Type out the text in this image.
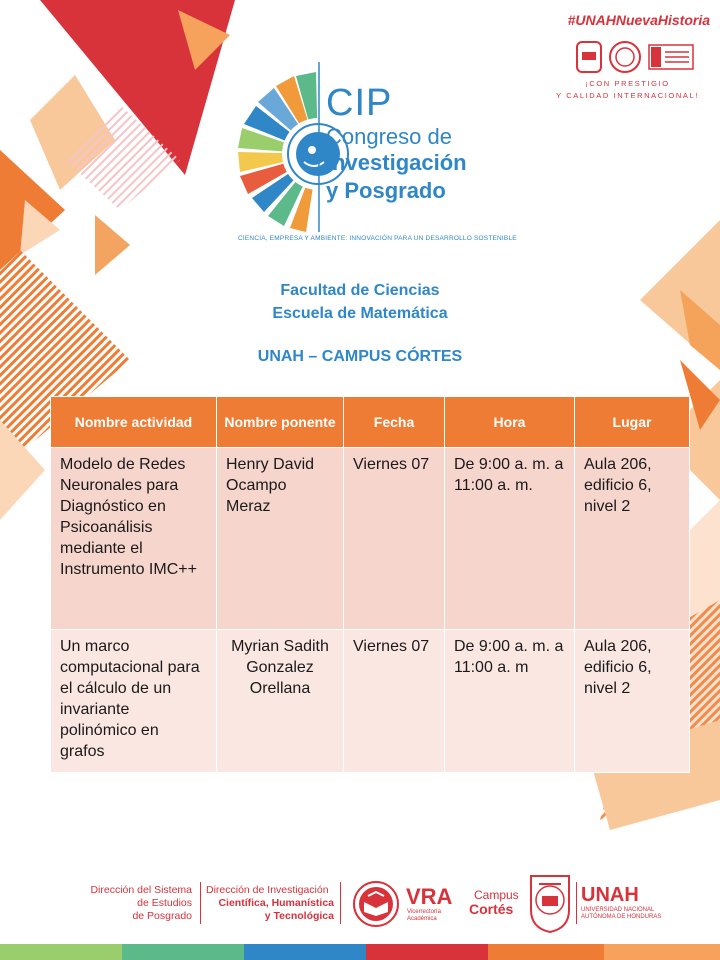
#UNAHNuevaHistoria
¡CON PRESTIGIO
Y CALIDAD INTERNACIONAL!
CIP
Congreso de
Investigación
y Posgrado
CIENCIA, EMPRESA Y AMBIENTE: INNOVACIÓN PARA UN DESARROLLO SOSTENIBLE
Facultad de Ciencias
Escuela de Matemática
UNAH – CAMPUS CÓRTES
Nombre actividad	Nombre ponente	Fecha	Hora	Lugar
Modelo de Redes Neuronales para Diagnóstico en Psicoanálisis mediante el Instrumento IMC++	Henry David Ocampo Meraz	Viernes 07	De 9:00 a. m. a 11:00 a. m.	Aula 206, edificio 6, nivel 2
Un marco computacional para el cálculo de un invariante polinómico en grafos	Myrian Sadith Gonzalez Orellana	Viernes 07	De 9:00 a. m. a 11:00 a. m	Aula 206, edificio 6, nivel 2
Dirección del Sistema
de Estudios
de Posgrado
Dirección de Investigación
Científica, Humanística
y Tecnológica
VRA
Vicerrectoría
Académica
Campus
Cortés
UNAH
UNIVERSIDAD NACIONAL
AUTÓNOMA DE HONDURAS
